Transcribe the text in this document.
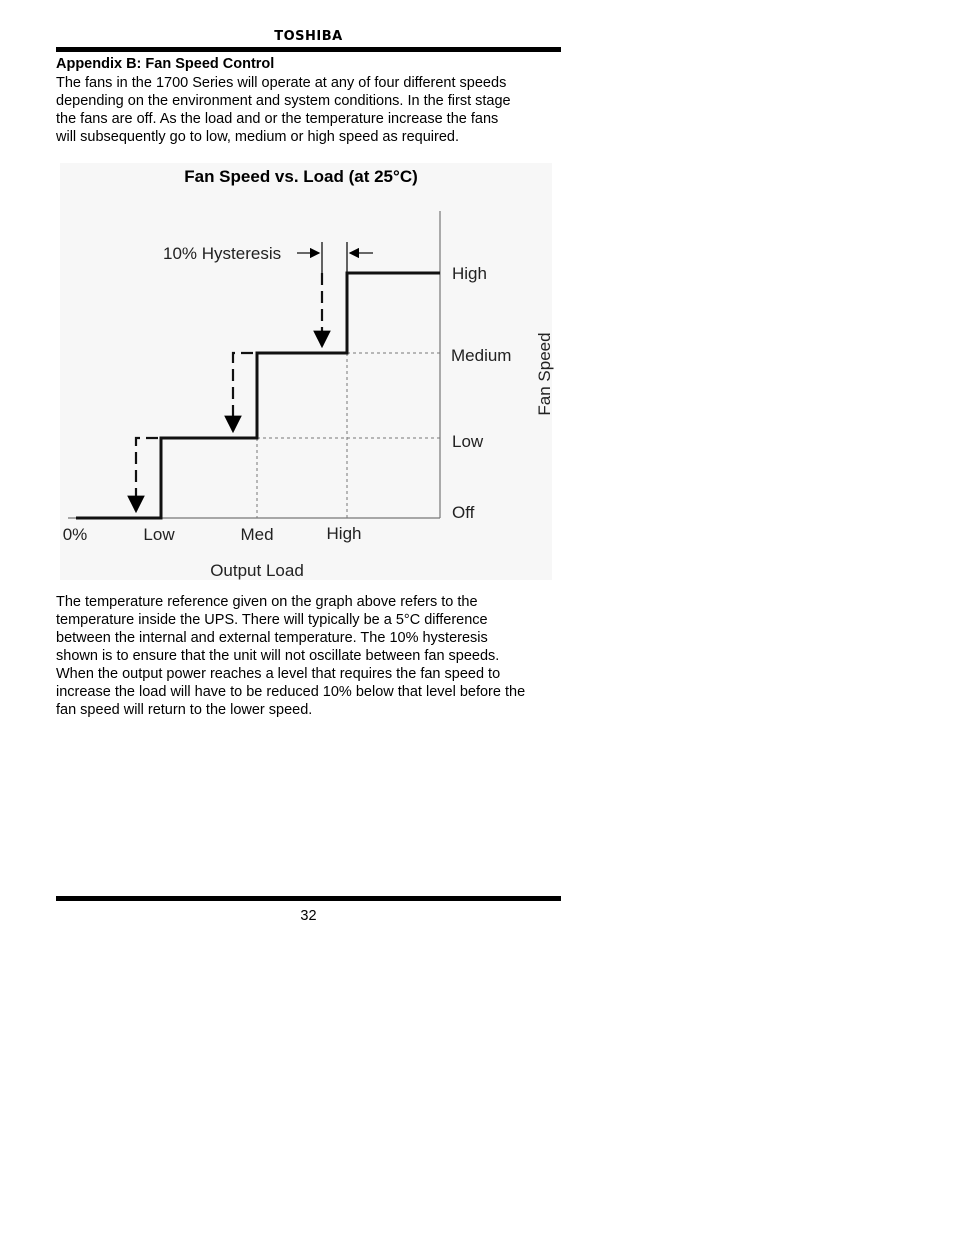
TOSHIBA
Appendix B: Fan Speed Control

The fans in the 1700 Series will operate at any of four different speeds

depending on the environment and system conditions. In the first stage

the fans are off. As the load and or the temperature increase the fans

will subsequently go to low, medium or high speed as required.

Fan Speed vs. Load (at 25°C)
10% Hysteresis
High
Medium
Low
Off
Fan Speed
0%	Low	Med	High
Output Load

The temperature reference given on the graph above refers to the

temperature inside the UPS. There will typically be a 5°C difference

between the internal and external temperature. The 10% hysteresis

shown is to ensure that the unit will not oscillate between fan speeds.

When the output power reaches a level that requires the fan speed to

increase the load will have to be reduced 10% below that level before the

fan speed will return to the lower speed.

32
